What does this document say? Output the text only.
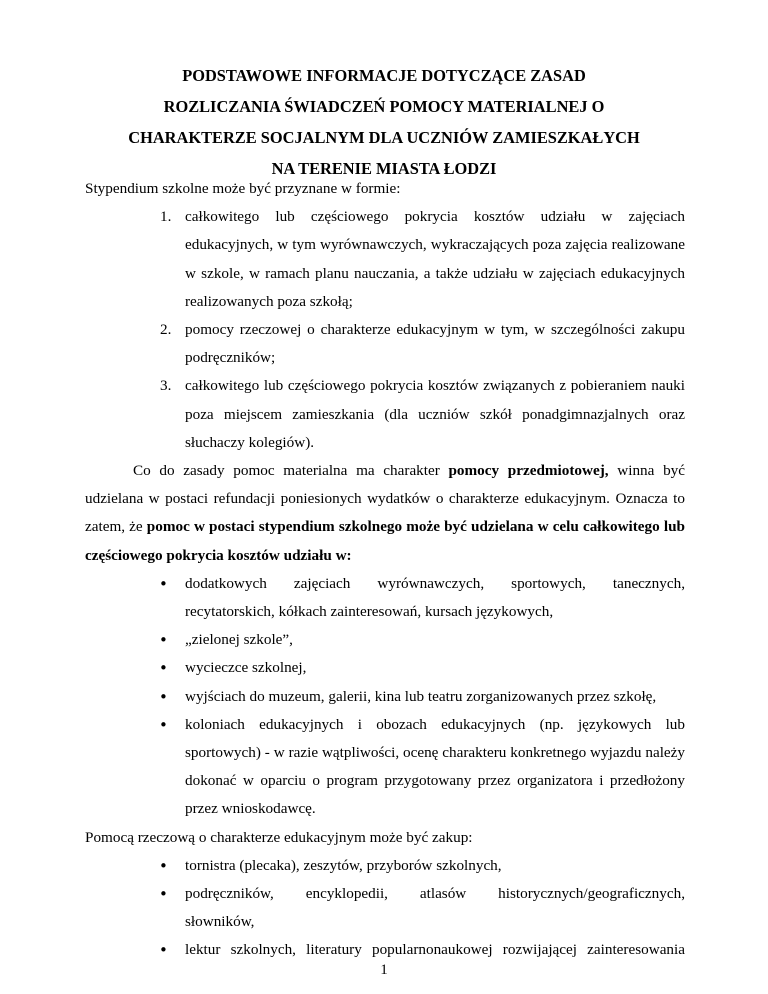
PODSTAWOWE INFORMACJE DOTYCZĄCE ZASAD
ROZLICZANIA ŚWIADCZEŃ POMOCY MATERIALNEJ O
CHARAKTERZE SOCJALNYM DLA UCZNIÓW ZAMIESZKAŁYCH
NA TERENIE MIASTA ŁODZI

Stypendium szkolne może być przyznane w formie:

1. całkowitego lub częściowego pokrycia kosztów udziału w zajęciach edukacyjnych, w tym wyrównawczych, wykraczających poza zajęcia realizowane w szkole, w ramach planu nauczania, a także udziału w zajęciach edukacyjnych realizowanych poza szkołą;
2. pomocy rzeczowej o charakterze edukacyjnym w tym, w szczególności zakupu podręczników;
3. całkowitego lub częściowego pokrycia kosztów związanych z pobieraniem nauki poza miejscem zamieszkania (dla uczniów szkół ponadgimnazjalnych oraz słuchaczy kolegiów).

Co do zasady pomoc materialna ma charakter pomocy przedmiotowej, winna być udzielana w postaci refundacji poniesionych wydatków o charakterze edukacyjnym. Oznacza to zatem, że pomoc w postaci stypendium szkolnego może być udzielana w celu całkowitego lub częściowego pokrycia kosztów udziału w:

• dodatkowych zajęciach wyrównawczych, sportowych, tanecznych,
recytatorskich, kółkach zainteresowań, kursach językowych,
• „zielonej szkole”,
• wycieczce szkolnej,
• wyjściach do muzeum, galerii, kina lub teatru zorganizowanych przez szkołę,
• koloniach edukacyjnych i obozach edukacyjnych (np. językowych lub sportowych) - w razie wątpliwości, ocenę charakteru konkretnego wyjazdu należy dokonać w oparciu o program przygotowany przez organizatora i przedłożony przez wnioskodawcę.

Pomocą rzeczową o charakterze edukacyjnym może być zakup:

• tornistra (plecaka), zeszytów, przyborów szkolnych,
• podręczników, encyklopedii, atlasów historycznych/geograficznych,
słowników,
• lektur szkolnych, literatury popularnonaukowej rozwijającej zainteresowania
1
